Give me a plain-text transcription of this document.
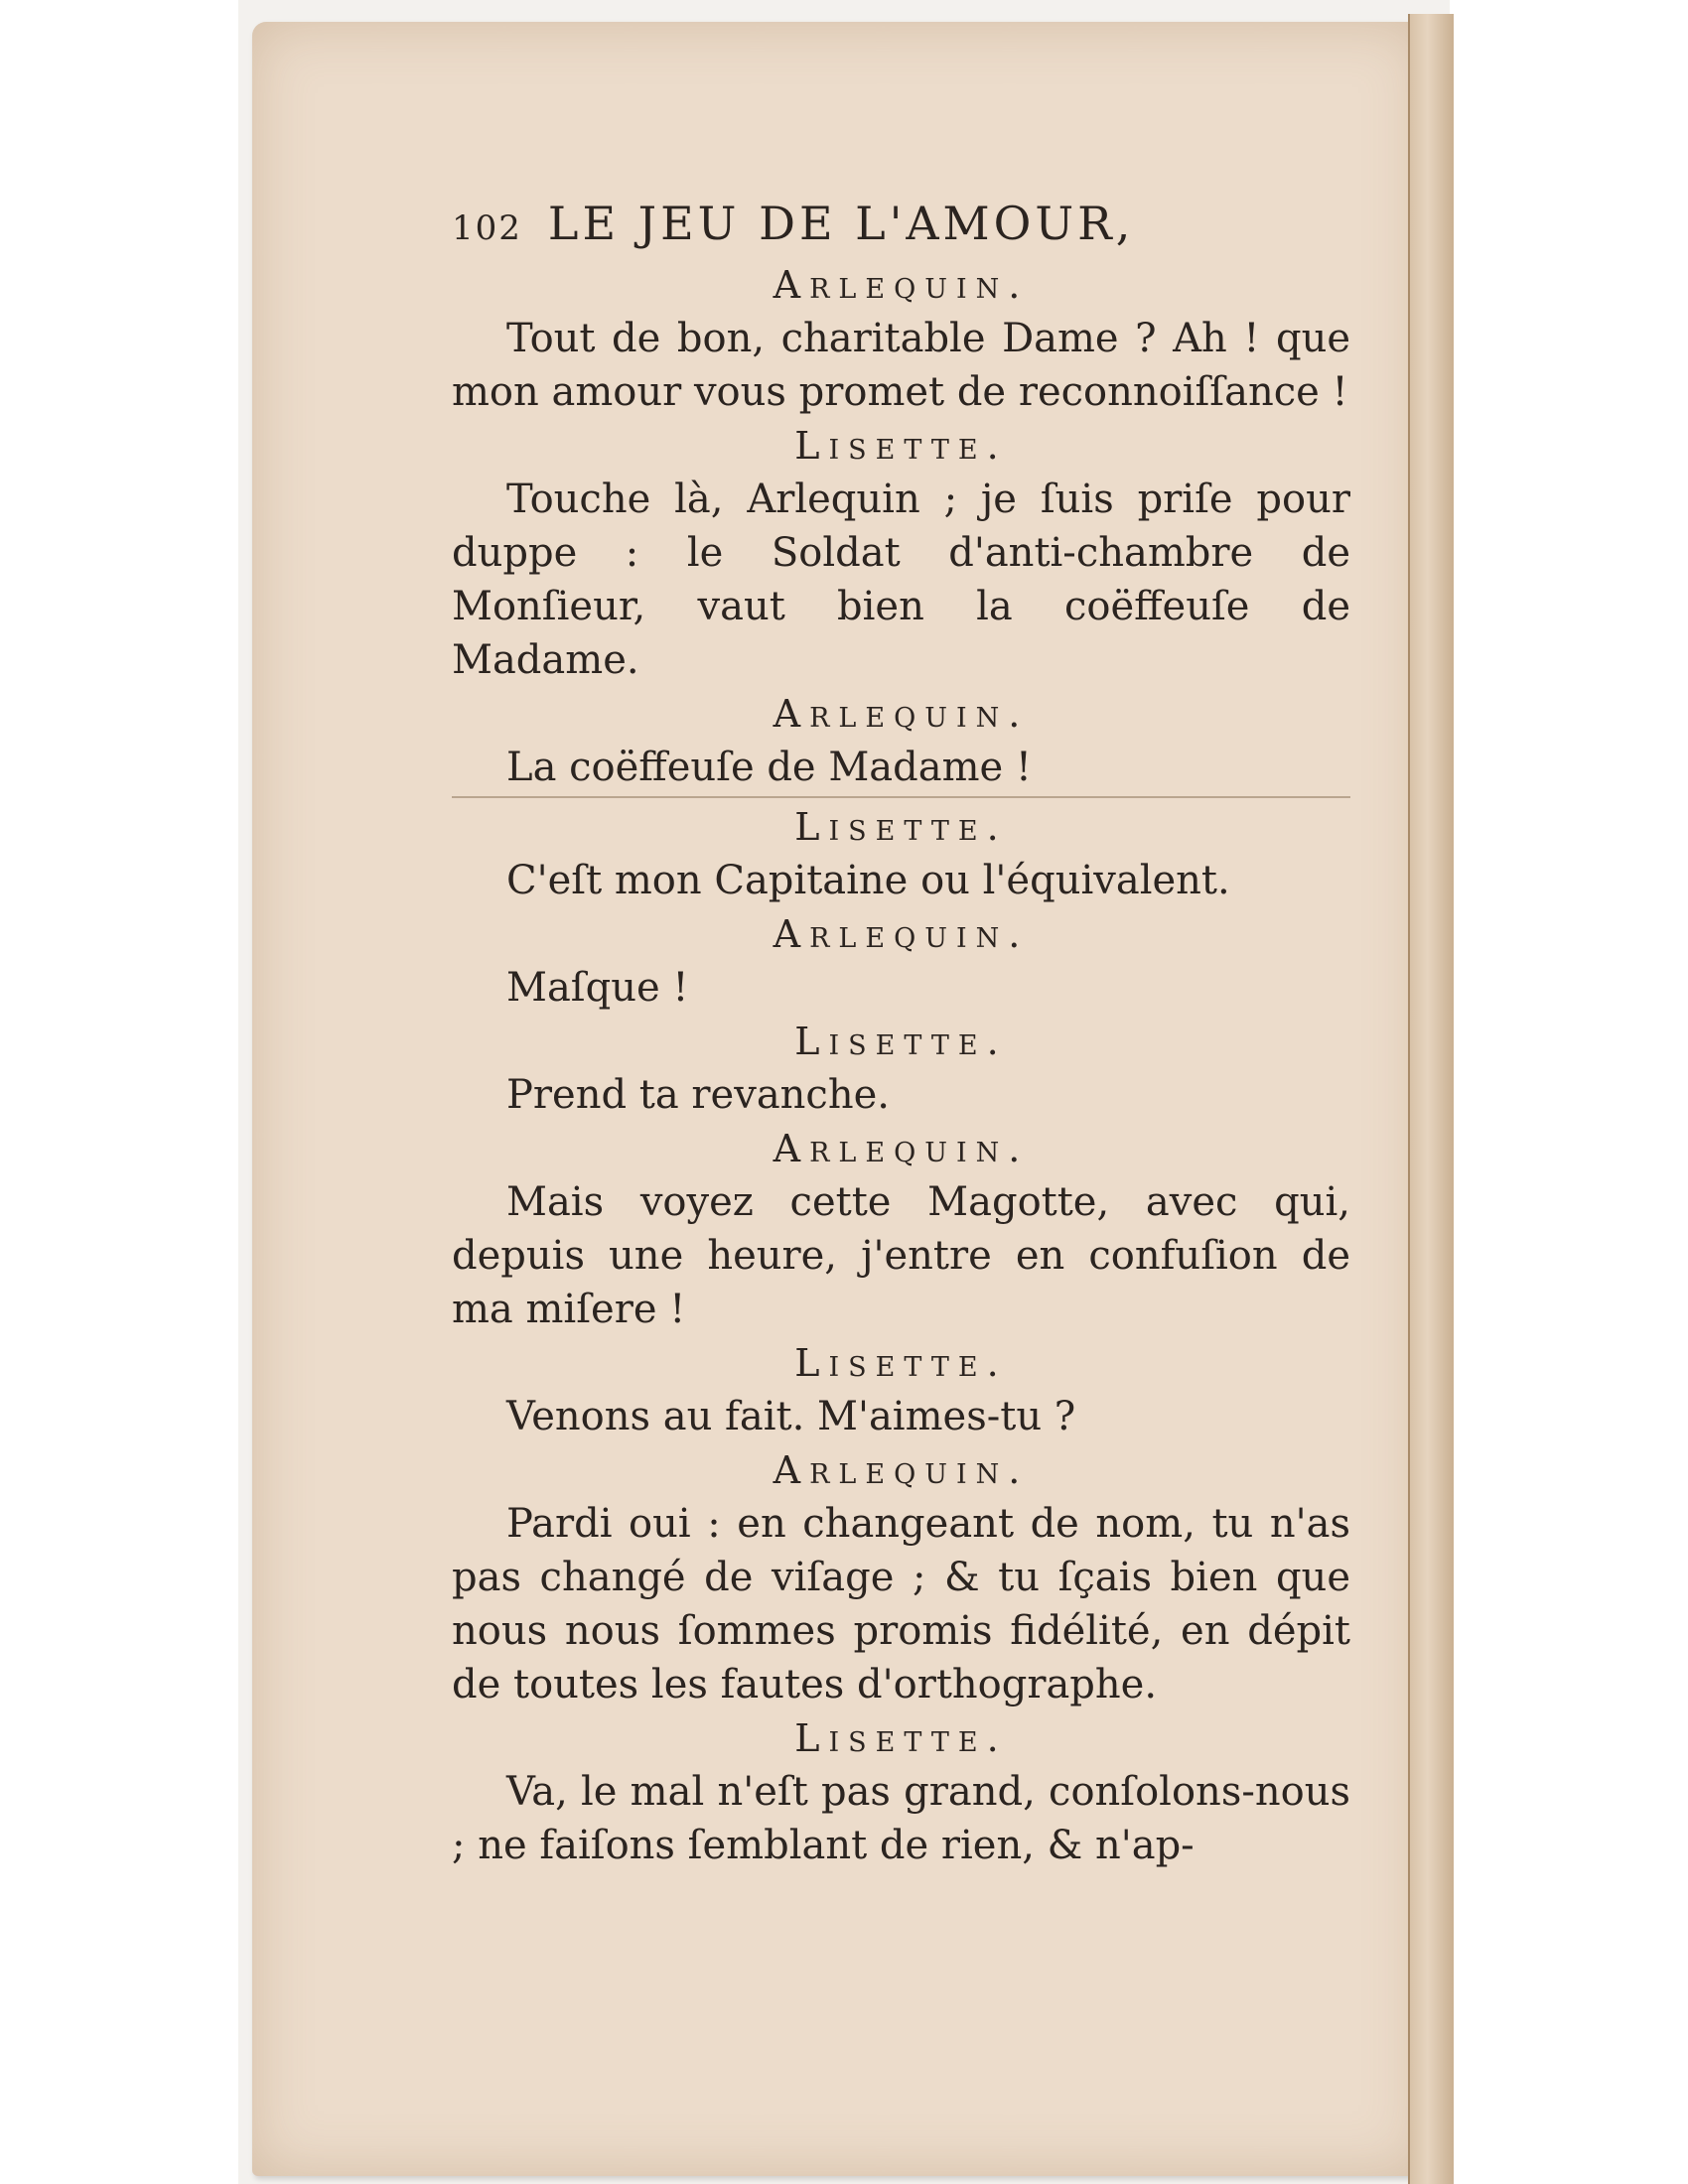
102 LE JEU DE L'AMOUR,
Arlequin.
Tout de bon, charitable Dame ? Ah ! que mon amour vous promet de reconnoiſſance !
Lisette.
Touche là, Arlequin ; je ſuis priſe pour duppe : le Soldat d'anti-chambre de Monſieur, vaut bien la coëffeuſe de Madame.
Arlequin.
La coëffeuſe de Madame !
Lisette.
C'eſt mon Capitaine ou l'équivalent.
Arlequin.
Maſque !
Lisette.
Prend ta revanche.
Arlequin.
Mais voyez cette Magotte, avec qui, depuis une heure, j'entre en confuſion de ma miſere !
Lisette.
Venons au fait. M'aimes-tu ?
Arlequin.
Pardi oui : en changeant de nom, tu n'as pas changé de viſage ; & tu ſçais bien que nous nous ſommes promis fidélité, en dépit de toutes les fautes d'orthographe.
Lisette.
Va, le mal n'eſt pas grand, conſolons-nous ; ne faiſons ſemblant de rien, & n'ap-
